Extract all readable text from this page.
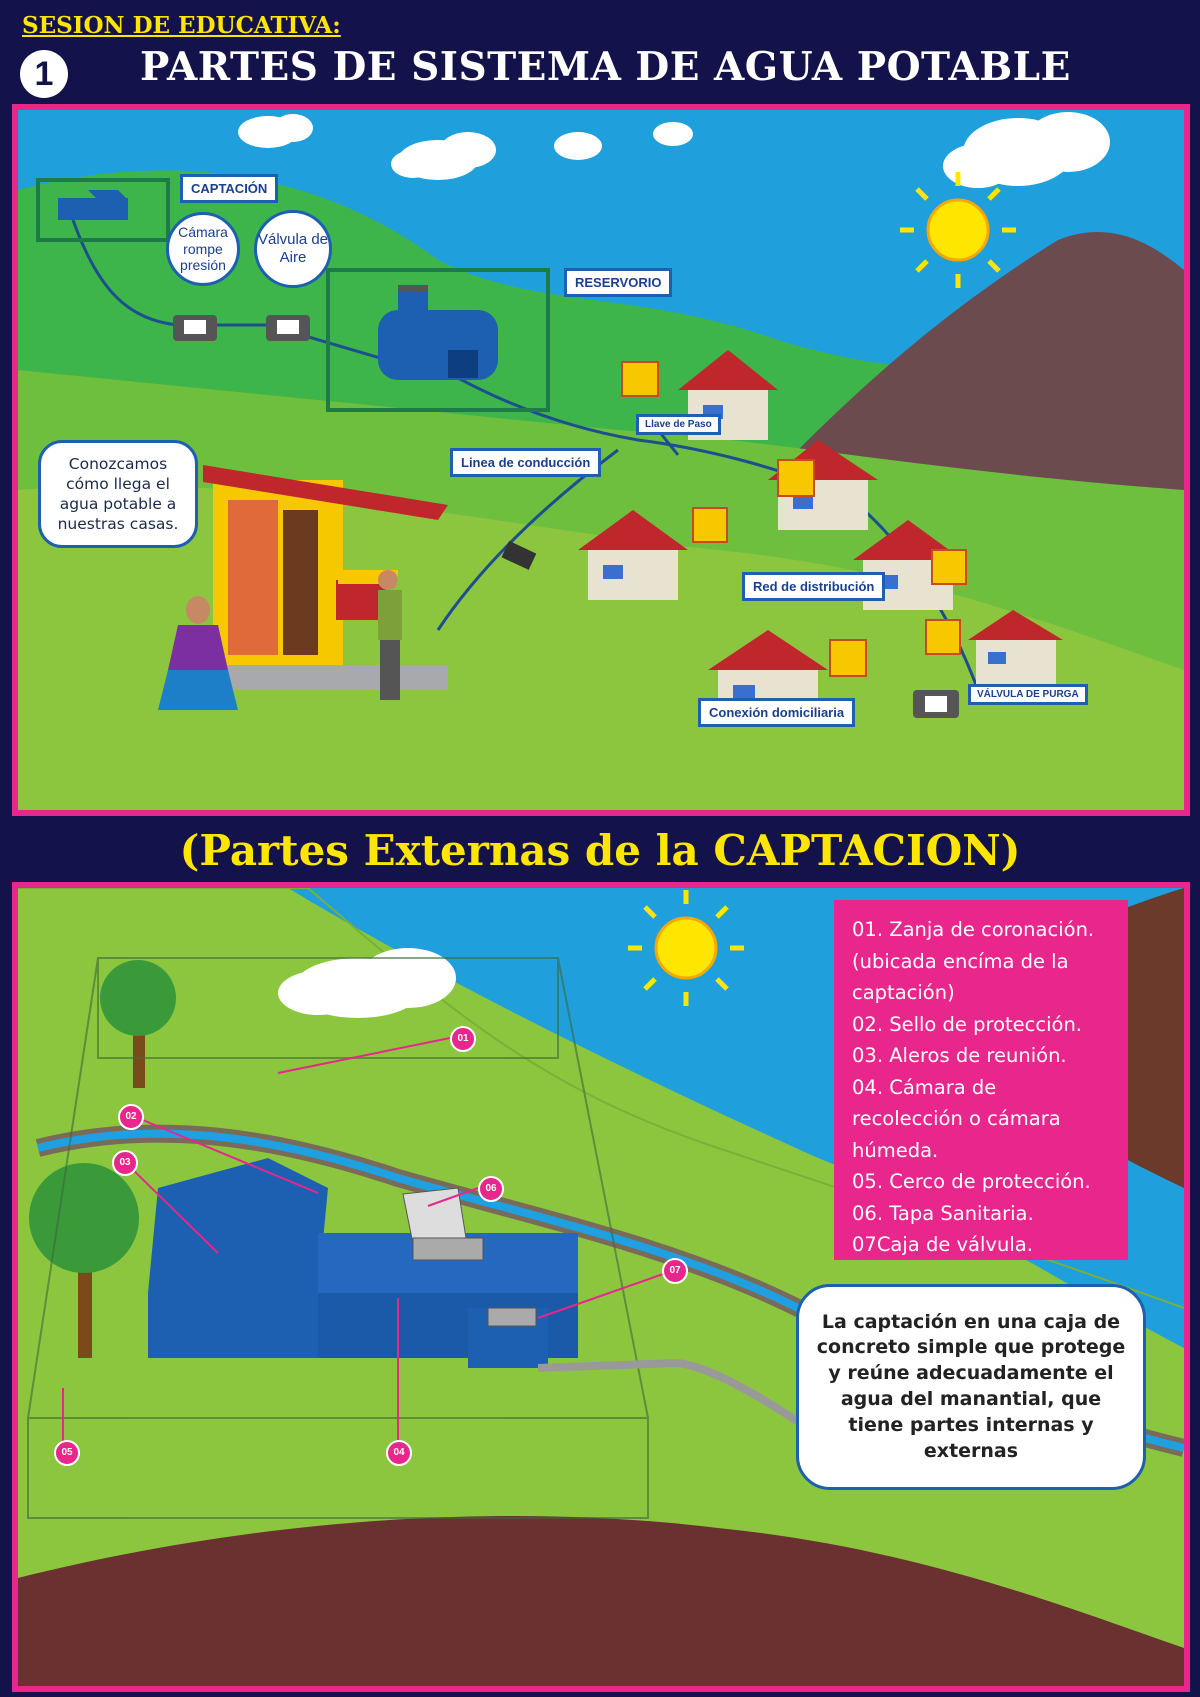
SESION DE EDUCATIVA:
1	PARTES DE SISTEMA DE AGUA POTABLE
CAPTACIÓN
Cámara rompe presión
Válvula de Aire
RESERVORIO
Llave de Paso
Linea de conducción
Red de distribución
Conexión domiciliaria
VÁLVULA DE PURGA
Conozcamos cómo llega el agua potable a nuestras casas.
(Partes Externas de la CAPTACION)
01
02
03
04
05
06
07
01. Zanja de coronación. (ubicada encíma de la captación)
02. Sello de protección.
03. Aleros de reunión.
04. Cámara de recolección o cámara húmeda.
05. Cerco de protección.
06. Tapa Sanitaria.
07Caja de válvula.
La captación en una caja de concreto simple que protege y reúne adecuadamente el agua del manantial, que tiene partes internas y externas
